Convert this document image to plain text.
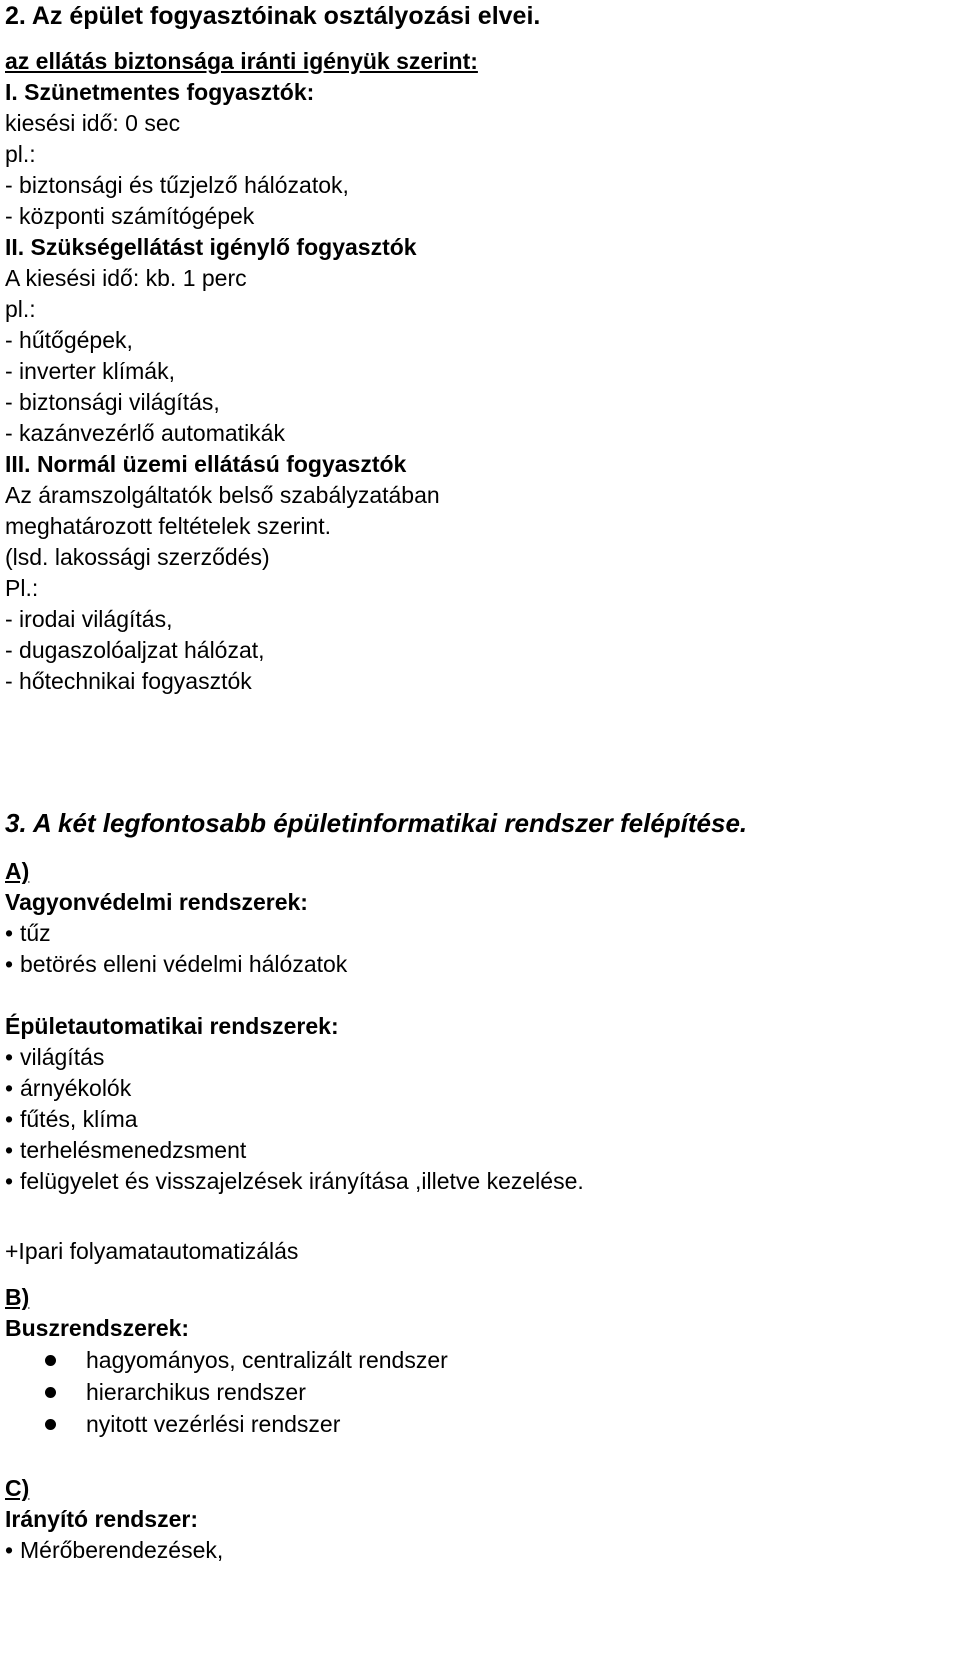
2. Az épület fogyasztóinak osztályozási elvei.
az ellátás biztonsága iránti igényük szerint:
I. Szünetmentes fogyasztók:
kiesési idő: 0 sec
pl.:
- biztonsági és tűzjelző hálózatok,
- központi számítógépek
II. Szükségellátást igénylő fogyasztók
A kiesési idő: kb. 1 perc
pl.:
- hűtőgépek,
- inverter klímák,
- biztonsági világítás,
- kazánvezérlő automatikák
III. Normál üzemi ellátású fogyasztók
Az áramszolgáltatók belső szabályzatában
meghatározott feltételek szerint.
(lsd. lakossági szerződés)
Pl.:
- irodai világítás,
- dugaszolóaljzat hálózat,
- hőtechnikai fogyasztók
3. A két legfontosabb épületinformatikai rendszer felépítése.
A)
Vagyonvédelmi rendszerek:
• tűz
• betörés elleni védelmi hálózatok
Épületautomatikai rendszerek:
• világítás
• árnyékolók
• fűtés, klíma
• terhelésmenedzsment
• felügyelet és visszajelzések irányítása ,illetve kezelése.
+Ipari folyamatautomatizálás
B)
Buszrendszerek:
hagyományos, centralizált rendszer
hierarchikus rendszer
nyitott vezérlési rendszer
C)
Irányító rendszer:
• Mérőberendezések,
